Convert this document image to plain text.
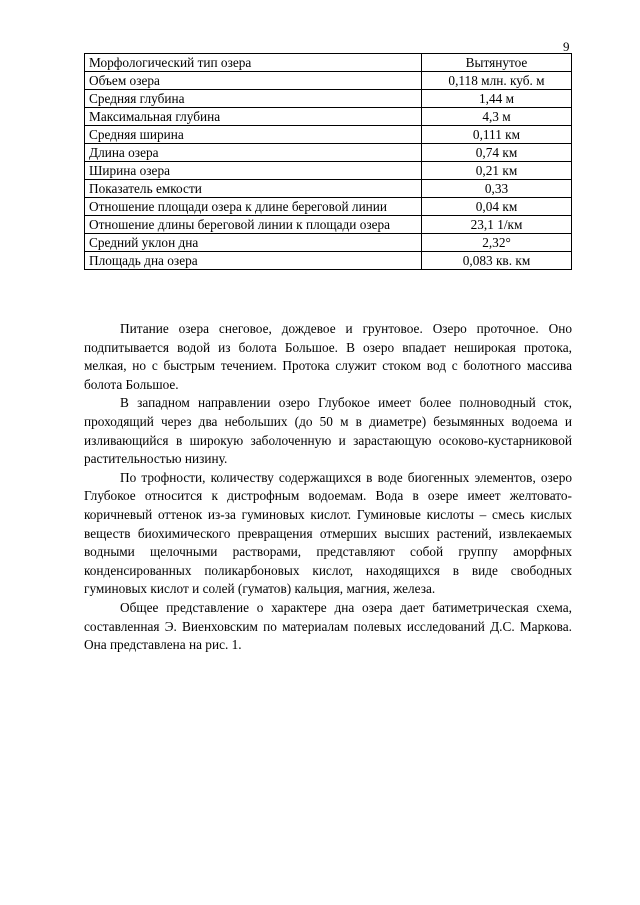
9
Морфологический тип озера	Вытянутое
Объем озера	0,118 млн. куб. м
Средняя глубина	1,44 м
Максимальная глубина	4,3 м
Средняя ширина	0,111 км
Длина озера	0,74 км
Ширина озера	0,21 км
Показатель емкости	0,33
Отношение площади озера к длине береговой линии	0,04 км
Отношение длины береговой линии к площади озера	23,1 1/км
Средний уклон дна	2,32°
Площадь дна озера	0,083 кв. км

Питание озера снеговое, дождевое и грунтовое. Озеро проточное. Оно подпитывается водой из болота Большое. В озеро впадает неширокая протока, мелкая, но с быстрым течением. Протока служит стоком вод с болотного массива болота Большое.

В западном направлении озеро Глубокое имеет более полноводный сток, проходящий через два небольших (до 50 м в диаметре) безымянных водоема и изливающийся в широкую заболоченную и зарастающую осоково-кустарниковой растительностью низину.

По трофности, количеству содержащихся в воде биогенных элементов, озеро Глубокое относится к дистрофным водоемам. Вода в озере имеет желтовато-коричневый оттенок из-за гуминовых кислот. Гуминовые кислоты – смесь кислых веществ биохимического превращения отмерших высших растений, извлекаемых водными щелочными растворами, представляют собой группу аморфных конденсированных поликарбоновых кислот, находящихся в виде свободных гуминовых кислот и солей (гуматов) кальция, магния, железа.

Общее представление о характере дна озера дает батиметрическая схема, составленная Э. Виенховским по материалам полевых исследований Д.С. Маркова. Она представлена на рис. 1.
